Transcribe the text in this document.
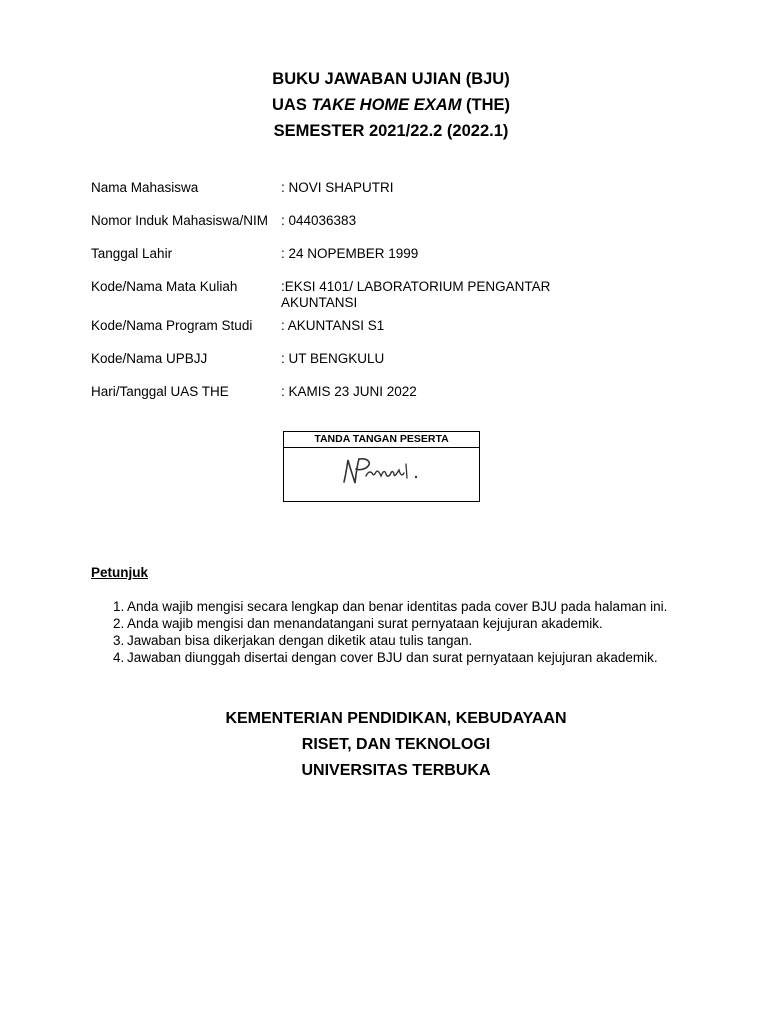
BUKU JAWABAN UJIAN (BJU)
UAS TAKE HOME EXAM (THE)
SEMESTER 2021/22.2 (2022.1)
Nama Mahasiswa	: NOVI SHAPUTRI
Nomor Induk Mahasiswa/NIM : 044036383
Tanggal Lahir	: 24 NOPEMBER 1999
Kode/Nama Mata Kuliah	:EKSI 4101/ LABORATORIUM PENGANTAR AKUNTANSI
Kode/Nama Program Studi	: AKUNTANSI S1
Kode/Nama UPBJJ	: UT BENGKULU
Hari/Tanggal UAS THE	: KAMIS 23 JUNI 2022
TANDA TANGAN PESERTA
Petunjuk
1. Anda wajib mengisi secara lengkap dan benar identitas pada cover BJU pada halaman ini.
2. Anda wajib mengisi dan menandatangani surat pernyataan kejujuran akademik.
3. Jawaban bisa dikerjakan dengan diketik atau tulis tangan.
4. Jawaban diunggah disertai dengan cover BJU dan surat pernyataan kejujuran akademik.
KEMENTERIAN PENDIDIKAN, KEBUDAYAAN
RISET, DAN TEKNOLOGI
UNIVERSITAS TERBUKA
